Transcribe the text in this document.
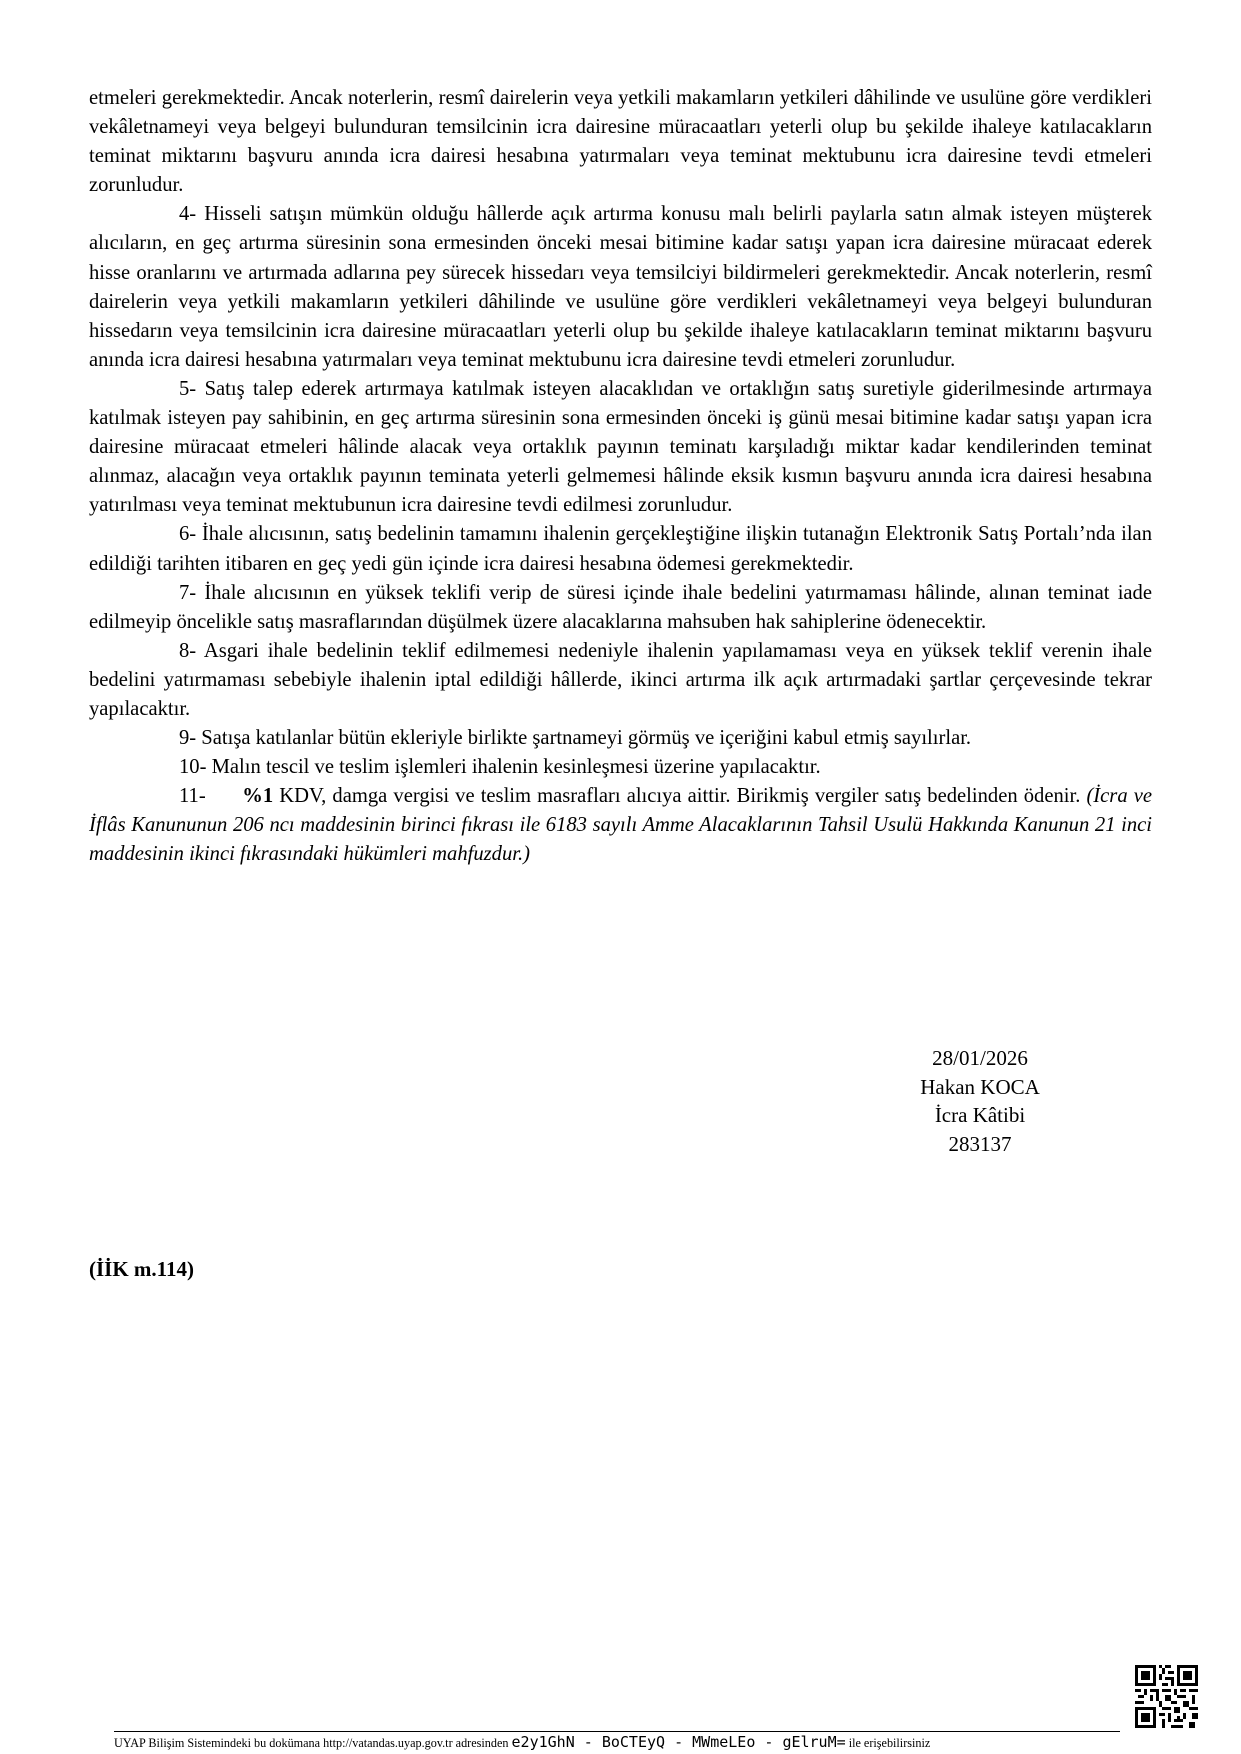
etmeleri gerekmektedir. Ancak noterlerin, resmî dairelerin veya yetkili makamların yetkileri dâhilinde ve usulüne göre verdikleri vekâletnameyi veya belgeyi bulunduran temsilcinin icra dairesine müracaatları yeterli olup bu şekilde ihaleye katılacakların teminat miktarını başvuru anında icra dairesi hesabına yatırmaları veya teminat mektubunu icra dairesine tevdi etmeleri zorunludur.

4- Hisseli satışın mümkün olduğu hâllerde açık artırma konusu malı belirli paylarla satın almak isteyen müşterek alıcıların, en geç artırma süresinin sona ermesinden önceki mesai bitimine kadar satışı yapan icra dairesine müracaat ederek hisse oranlarını ve artırmada adlarına pey sürecek hissedarı veya temsilciyi bildirmeleri gerekmektedir. Ancak noterlerin, resmî dairelerin veya yetkili makamların yetkileri dâhilinde ve usulüne göre verdikleri vekâletnameyi veya belgeyi bulunduran hissedarın veya temsilcinin icra dairesine müracaatları yeterli olup bu şekilde ihaleye katılacakların teminat miktarını başvuru anında icra dairesi hesabına yatırmaları veya teminat mektubunu icra dairesine tevdi etmeleri zorunludur.

5- Satış talep ederek artırmaya katılmak isteyen alacaklıdan ve ortaklığın satış suretiyle giderilmesinde artırmaya katılmak isteyen pay sahibinin, en geç artırma süresinin sona ermesinden önceki iş günü mesai bitimine kadar satışı yapan icra dairesine müracaat etmeleri hâlinde alacak veya ortaklık payının teminatı karşıladığı miktar kadar kendilerinden teminat alınmaz, alacağın veya ortaklık payının teminata yeterli gelmemesi hâlinde eksik kısmın başvuru anında icra dairesi hesabına yatırılması veya teminat mektubunun icra dairesine tevdi edilmesi zorunludur.

6- İhale alıcısının, satış bedelinin tamamını ihalenin gerçekleştiğine ilişkin tutanağın Elektronik Satış Portalı’nda ilan edildiği tarihten itibaren en geç yedi gün içinde icra dairesi hesabına ödemesi gerekmektedir.

7- İhale alıcısının en yüksek teklifi verip de süresi içinde ihale bedelini yatırmaması hâlinde, alınan teminat iade edilmeyip öncelikle satış masraflarından düşülmek üzere alacaklarına mahsuben hak sahiplerine ödenecektir.

8- Asgari ihale bedelinin teklif edilmemesi nedeniyle ihalenin yapılamaması veya en yüksek teklif verenin ihale bedelini yatırmaması sebebiyle ihalenin iptal edildiği hâllerde, ikinci artırma ilk açık artırmadaki şartlar çerçevesinde tekrar yapılacaktır.

9- Satışa katılanlar bütün ekleriyle birlikte şartnameyi görmüş ve içeriğini kabul etmiş sayılırlar.

10- Malın tescil ve teslim işlemleri ihalenin kesinleşmesi üzerine yapılacaktır.

11- %1 KDV, damga vergisi ve teslim masrafları alıcıya aittir. Birikmiş vergiler satış bedelinden ödenir. (İcra ve İflâs Kanununun 206 ncı maddesinin birinci fıkrası ile 6183 sayılı Amme Alacaklarının Tahsil Usulü Hakkında Kanunun 21 inci maddesinin ikinci fıkrasındaki hükümleri mahfuzdur.)

28/01/2026
Hakan KOCA
İcra Kâtibi
283137
(İİK m.114)
UYAP Bilişim Sistemindeki bu dokümana http://vatandas.uyap.gov.tr adresinden e2y1GhN - BoCTEyQ - MWmeLEo - gElruM= ile erişebilirsiniz
